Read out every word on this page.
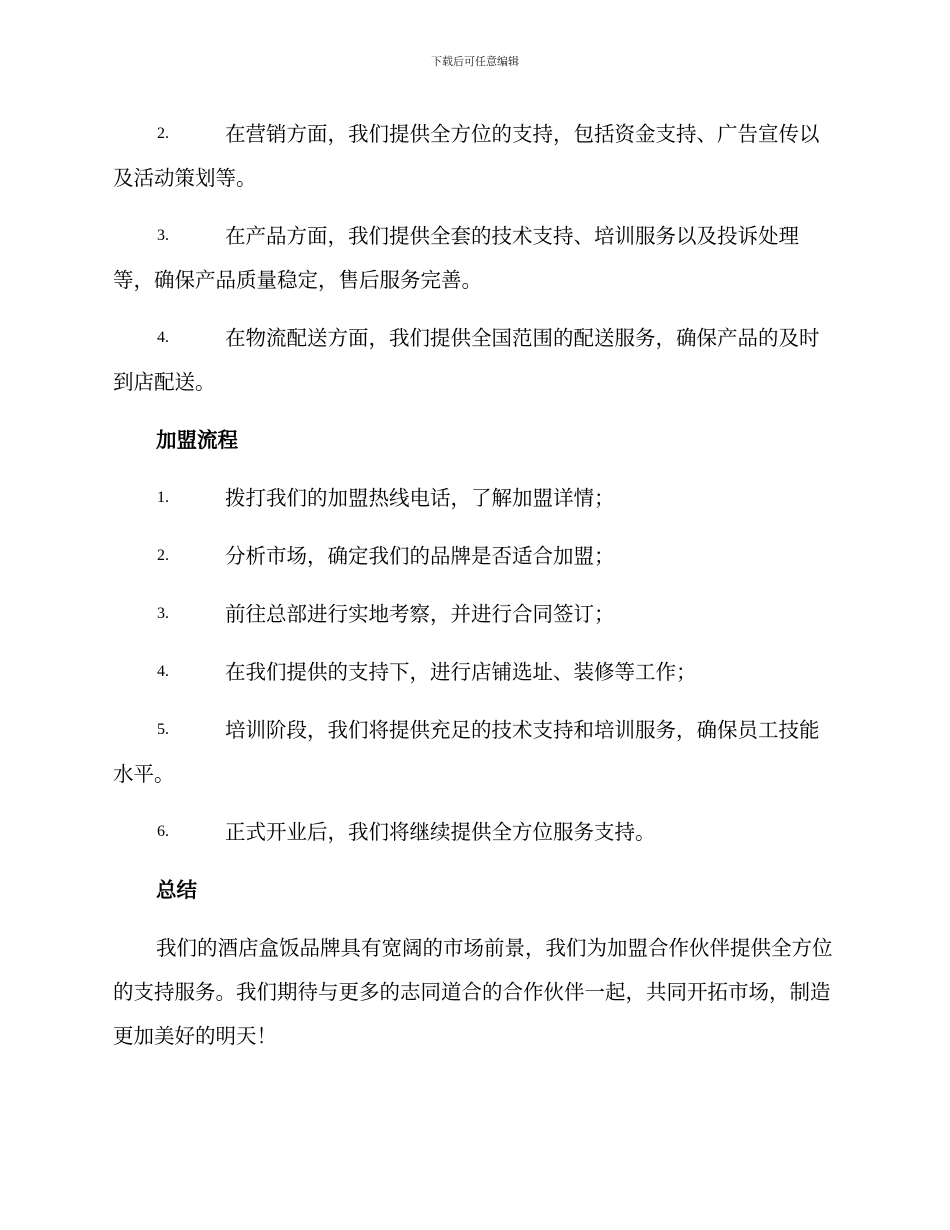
下载后可任意编辑
2.	在营销方面，我们提供全方位的支持，包括资金支持、广告宣传以及活动策划等。
3.	在产品方面，我们提供全套的技术支持、培训服务以及投诉处理等，确保产品质量稳定，售后服务完善。
4.	在物流配送方面，我们提供全国范围的配送服务，确保产品的及时到店配送。
加盟流程
1.	拨打我们的加盟热线电话，了解加盟详情；
2.	分析市场，确定我们的品牌是否适合加盟；
3.	前往总部进行实地考察，并进行合同签订；
4.	在我们提供的支持下，进行店铺选址、装修等工作；
5.	培训阶段，我们将提供充足的技术支持和培训服务，确保员工技能水平。
6.	正式开业后，我们将继续提供全方位服务支持。
总结
我们的酒店盒饭品牌具有宽阔的市场前景，我们为加盟合作伙伴提供全方位的支持服务。我们期待与更多的志同道合的合作伙伴一起，共同开拓市场，制造更加美好的明天！
